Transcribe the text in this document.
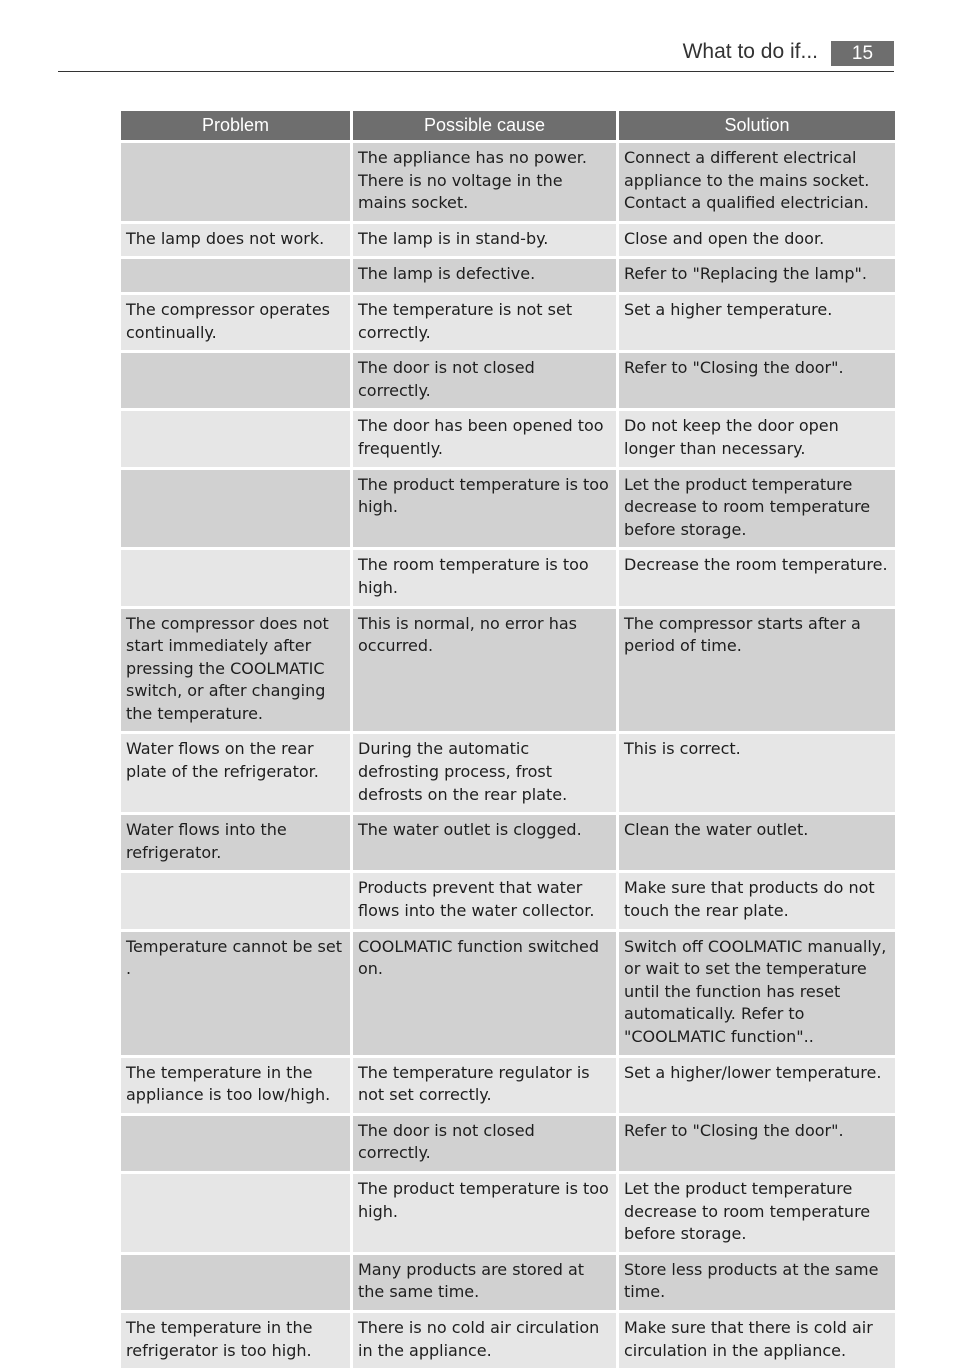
What to do if...	15
Problem	Possible cause	Solution
	The appliance has no power. There is no voltage in the mains socket.	Connect a different electrical appliance to the mains socket. Contact a qualified electrician.
The lamp does not work.	The lamp is in stand-by.	Close and open the door.
	The lamp is defective.	Refer to "Replacing the lamp".
The compressor operates continually.	The temperature is not set correctly.	Set a higher temperature.
	The door is not closed correctly.	Refer to "Closing the door".
	The door has been opened too frequently.	Do not keep the door open longer than necessary.
	The product temperature is too high.	Let the product temperature decrease to room temperature before storage.
	The room temperature is too high.	Decrease the room temperature.
The compressor does not start immediately after pressing the COOLMATIC switch, or after changing the temperature.	This is normal, no error has occurred.	The compressor starts after a period of time.
Water flows on the rear plate of the refrigerator.	During the automatic defrosting process, frost defrosts on the rear plate.	This is correct.
Water flows into the refrigerator.	The water outlet is clogged.	Clean the water outlet.
	Products prevent that water flows into the water collector.	Make sure that products do not touch the rear plate.
Temperature cannot be set .	COOLMATIC function switched on.	Switch off COOLMATIC manually, or wait to set the temperature until the function has reset automatically. Refer to "COOLMATIC function"..
The temperature in the appliance is too low/high.	The temperature regulator is not set correctly.	Set a higher/lower temperature.
	The door is not closed correctly.	Refer to "Closing the door".
	The product temperature is too high.	Let the product temperature decrease to room temperature before storage.
	Many products are stored at the same time.	Store less products at the same time.
The temperature in the refrigerator is too high.	There is no cold air circulation in the appliance.	Make sure that there is cold air circulation in the appliance.
